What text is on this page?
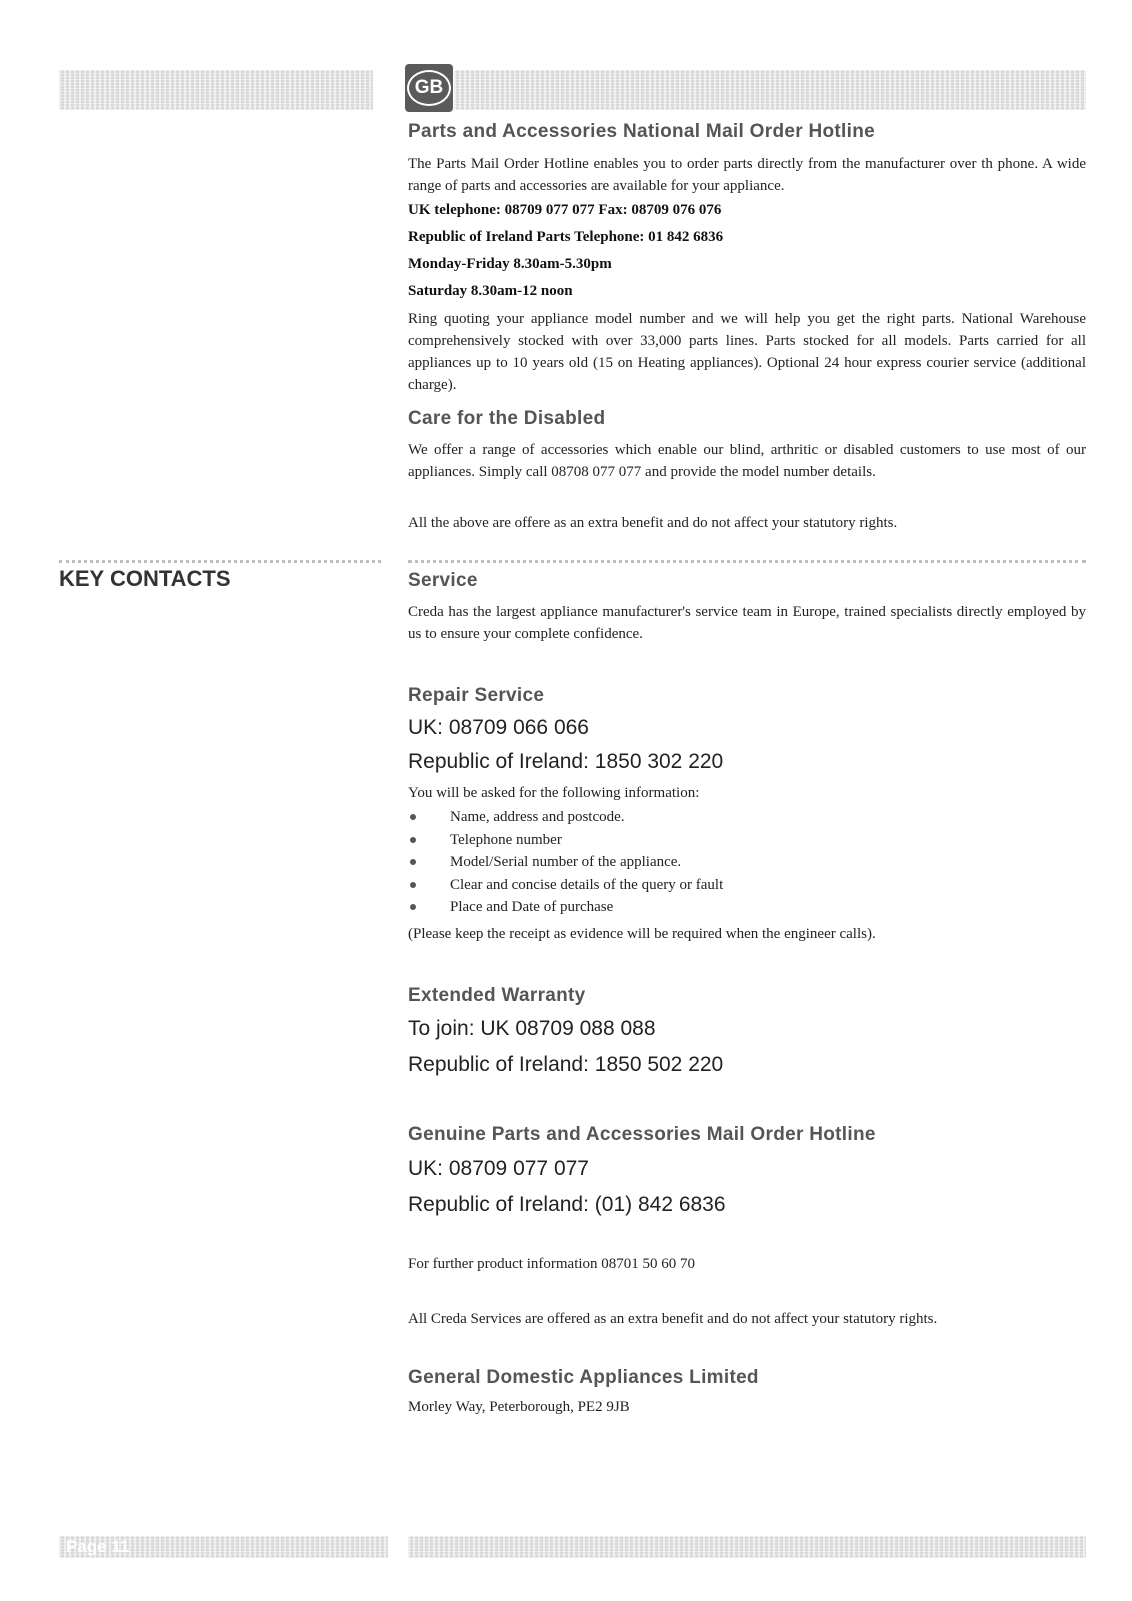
GB
KEY CONTACTS
Parts and Accessories National Mail Order Hotline
The Parts Mail Order Hotline enables you to order parts directly from the manufacturer over th phone. A wide range of parts and accessories are available for your appliance.
UK telephone: 08709 077 077 Fax: 08709 076 076
Republic of Ireland Parts Telephone: 01 842 6836
Monday-Friday 8.30am-5.30pm
Saturday 8.30am-12 noon
Ring quoting your appliance model number and we will help you get the right parts. National Warehouse comprehensively stocked with over 33,000 parts lines. Parts stocked for all models. Parts carried for all appliances up to 10 years old (15 on Heating appliances). Optional 24 hour express courier service (additional charge).
Care for the Disabled
We offer a range of accessories which enable our blind, arthritic or disabled customers to use most of our appliances. Simply call 08708 077 077 and provide the model number details.
All the above are offere as an extra benefit and do not affect your statutory rights.
Service
Creda has the largest appliance manufacturer's service team in Europe, trained specialists directly employed by us to ensure your complete confidence.
Repair Service
UK: 08709 066 066
Republic of Ireland: 1850 302 220
You will be asked for the following information:
Name, address and postcode.
Telephone number
Model/Serial number of the appliance.
Clear and concise details of the query or fault
Place and Date of purchase
(Please keep the receipt as evidence will be required when the engineer calls).
Extended Warranty
To join: UK 08709 088 088
Republic of Ireland: 1850 502 220
Genuine Parts and Accessories Mail Order Hotline
UK: 08709 077 077
Republic of Ireland: (01) 842 6836
For further product information 08701 50 60 70
All Creda Services are offered as an extra benefit and do not affect your statutory rights.
General Domestic Appliances Limited
Morley Way, Peterborough, PE2 9JB
Page 11
